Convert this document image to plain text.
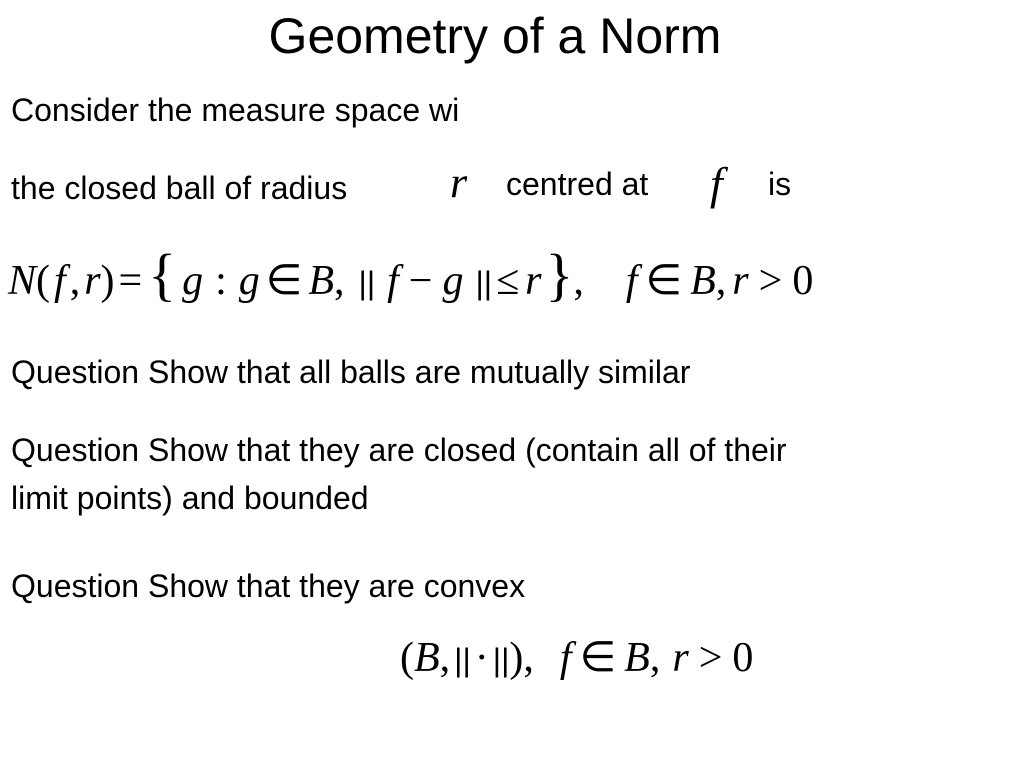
Geometry of a Norm
Consider the measure space wi
the closed ball of radius r centred at f is
N(f,r)= { g : g ∈ B, || f − g ||≤ r}, f ∈ B, r > 0
Question Show that all balls are mutually similar
Question Show that they are closed (contain all of their
limit points) and bounded
Question Show that they are convex
(B, ||· ||), f ∈ B, r > 0
